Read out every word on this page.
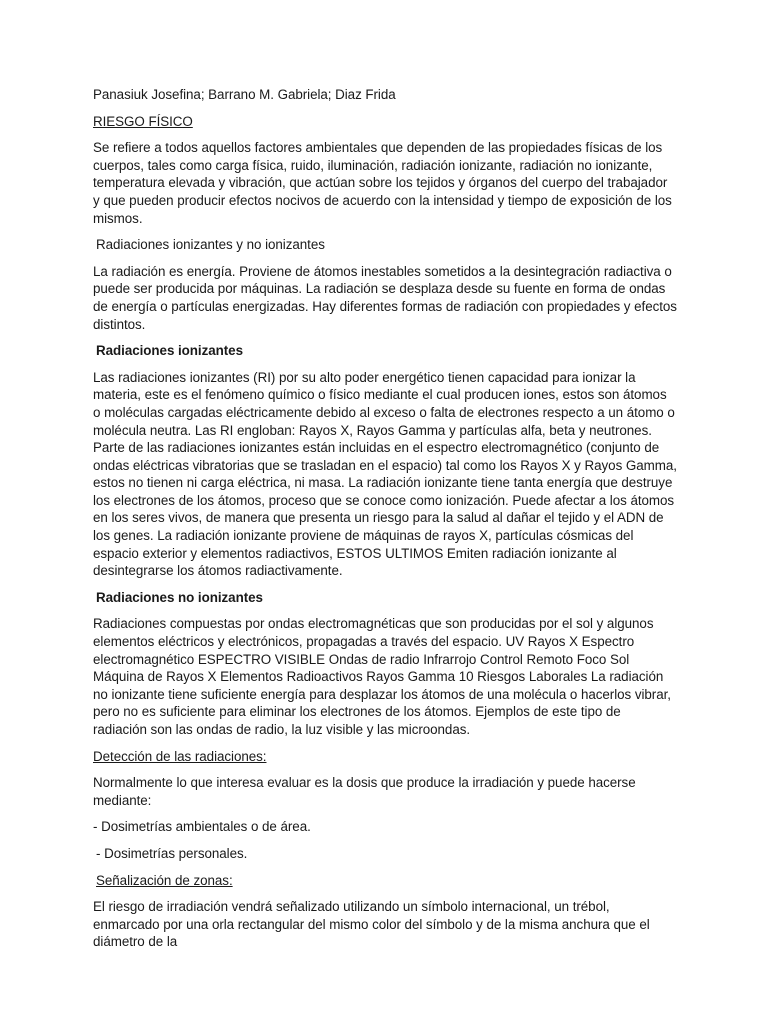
Panasiuk Josefina; Barrano M. Gabriela; Diaz Frida

RIESGO FÍSICO

Se refiere a todos aquellos factores ambientales que dependen de las propiedades físicas de los cuerpos, tales como carga física, ruido, iluminación, radiación ionizante, radiación no ionizante, temperatura elevada y vibración, que actúan sobre los tejidos y órganos del cuerpo del trabajador y que pueden producir efectos nocivos de acuerdo con la intensidad y tiempo de exposición de los mismos.

Radiaciones ionizantes y no ionizantes

La radiación es energía. Proviene de átomos inestables sometidos a la desintegración radiactiva o puede ser producida por máquinas. La radiación se desplaza desde su fuente en forma de ondas de energía o partículas energizadas. Hay diferentes formas de radiación con propiedades y efectos distintos.

Radiaciones ionizantes

Las radiaciones ionizantes (RI) por su alto poder energético tienen capacidad para ionizar la materia, este es el fenómeno químico o físico mediante el cual producen iones, estos son átomos o moléculas cargadas eléctricamente debido al exceso o falta de electrones respecto a un átomo o molécula neutra. Las RI engloban: Rayos X, Rayos Gamma y partículas alfa, beta y neutrones. Parte de las radiaciones ionizantes están incluidas en el espectro electromagnético (conjunto de ondas eléctricas vibratorias que se trasladan en el espacio) tal como los Rayos X y Rayos Gamma, estos no tienen ni carga eléctrica, ni masa. La radiación ionizante tiene tanta energía que destruye los electrones de los átomos, proceso que se conoce como ionización. Puede afectar a los átomos en los seres vivos, de manera que presenta un riesgo para la salud al dañar el tejido y el ADN de los genes. La radiación ionizante proviene de máquinas de rayos X, partículas cósmicas del espacio exterior y elementos radiactivos, ESTOS ULTIMOS Emiten radiación ionizante al desintegrarse los átomos radiactivamente.

Radiaciones no ionizantes

Radiaciones compuestas por ondas electromagnéticas que son producidas por el sol y algunos elementos eléctricos y electrónicos, propagadas a través del espacio. UV Rayos X Espectro electromagnético ESPECTRO VISIBLE Ondas de radio Infrarrojo Control Remoto Foco Sol Máquina de Rayos X Elementos Radioactivos Rayos Gamma 10 Riesgos Laborales La radiación no ionizante tiene suficiente energía para desplazar los átomos de una molécula o hacerlos vibrar, pero no es suficiente para eliminar los electrones de los átomos. Ejemplos de este tipo de radiación son las ondas de radio, la luz visible y las microondas.

Detección de las radiaciones:

Normalmente lo que interesa evaluar es la dosis que produce la irradiación y puede hacerse mediante:

- Dosimetrías ambientales o de área.

- Dosimetrías personales.

Señalización de zonas:

El riesgo de irradiación vendrá señalizado utilizando un símbolo internacional, un trébol, enmarcado por una orla rectangular del mismo color del símbolo y de la misma anchura que el diámetro de la
